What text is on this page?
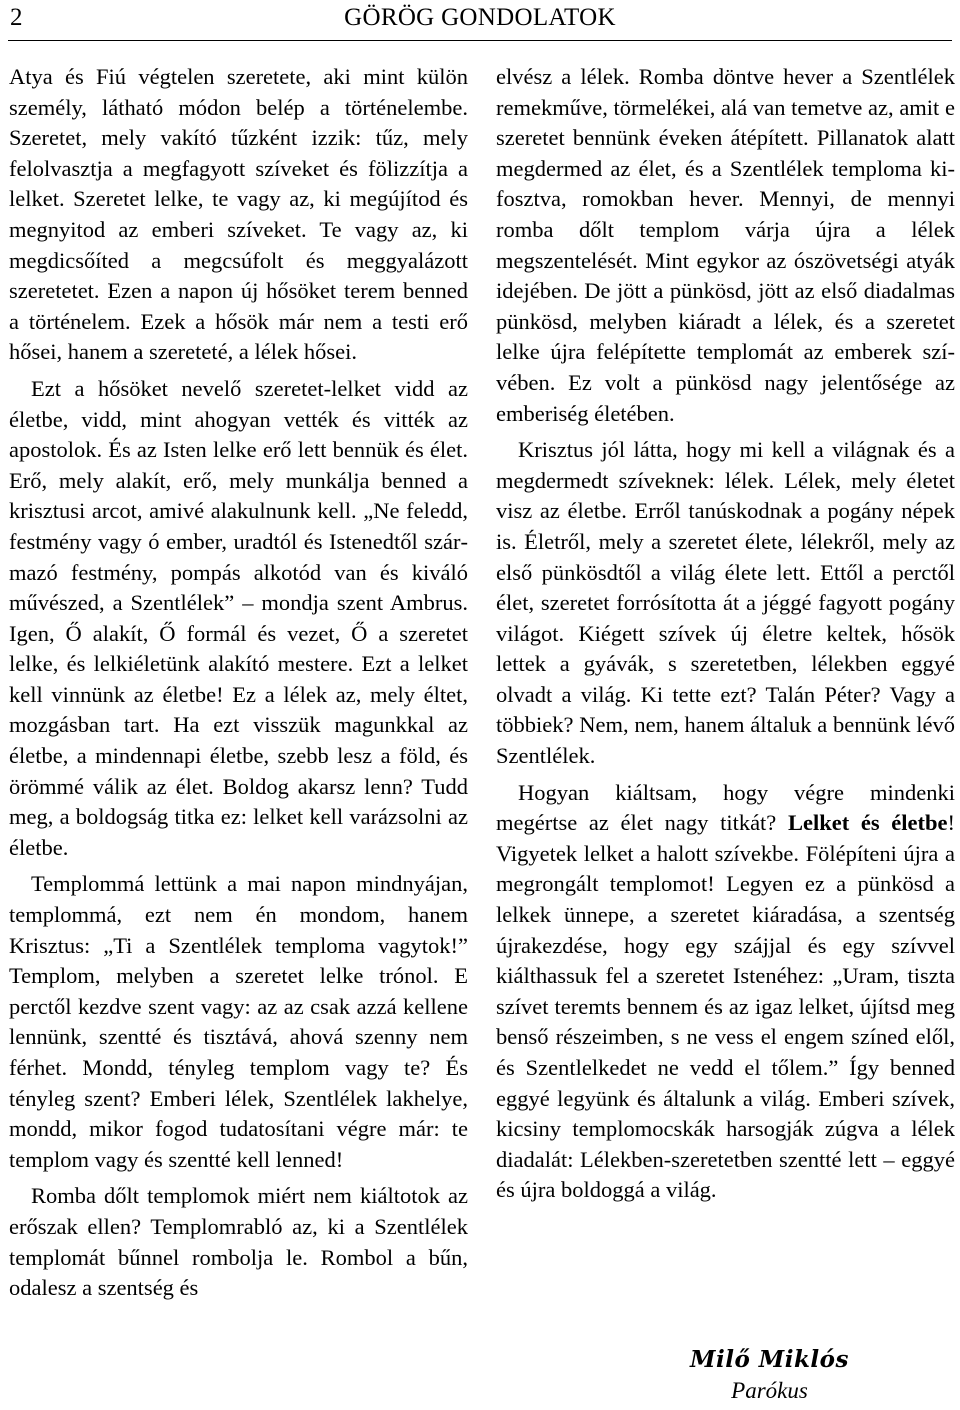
2	GÖRÖG GONDOLATOK

Atya és Fiú végtelen szeretete, aki mint külön személy, látható módon belép a történelembe. Szeretet, mely vakító tűzként izzik: tűz, mely felolvasztja a megfagyott szíveket és fölizzítja a lelket. Szeretet lelke, te vagy az, ki megújítod és megnyitod az emberi szíveket. Te vagy az, ki megdicsőíted a megcsúfolt és meggyalázott szeretetet. Ezen a napon új hősöket terem benned a történelem. Ezek a hősök már nem a testi erő hősei, hanem a szereteté, a lélek hősei.

Ezt a hősöket nevelő szeretet-lelket vidd az életbe, vidd, mint ahogyan vették és vitték az apostolok. És az Isten lelke erő lett bennük és élet. Erő, mely alakít, erő, mely munkálja benned a krisztusi arcot, amivé alakulnunk kell. „Ne feledd, festmény vagy ó ember, uradtól és Istenedtől származó festmény, pompás alkotód van és kiváló művészed, a Szentlélek” – mondja szent Ambrus. Igen, Ő alakít, Ő formál és vezet, Ő a szeretet lelke, és lelkiéletünk alakító mestere. Ezt a lelket kell vinnünk az életbe! Ez a lélek az, mely éltet, mozgásban tart. Ha ezt visszük magunkkal az életbe, a mindennapi életbe, szebb lesz a föld, és örömmé válik az élet. Boldog akarsz lenn? Tudd meg, a boldogság titka ez: lelket kell varázsolni az életbe.

Templommá lettünk a mai napon mindnyájan, templommá, ezt nem én mondom, hanem Krisztus: „Ti a Szentlélek temploma vagytok!” Templom, melyben a szeretet lelke trónol. E perctől kezdve szent vagy: az az csak azzá kellene lennünk, szentté és tisztává, ahová szenny nem férhet. Mondd, tényleg templom vagy te? És tényleg szent? Emberi lélek, Szentlélek lakhelye, mondd, mikor fogod tudatosítani végre már: te templom vagy és szentté kell lenned!

Romba dőlt templomok miért nem kiáltotok az erőszak ellen? Templomrabló az, ki a Szentlélek templomát bűnnel rombolja le. Rombol a bűn, odalesz a szentség és

elvész a lélek. Romba döntve hever a Szentlélek remekműve, törmelékei, alá van temetve az, amit e szeretet bennünk éveken átépített. Pillanatok alatt megdermed az élet, és a Szentlélek temploma kifosztva, romokban hever. Mennyi, de mennyi romba dőlt templom várja újra a lélek megszentelését. Mint egykor az ószövetségi atyák idejében. De jött a pünkösd, jött az első diadalmas pünkösd, melyben kiáradt a lélek, és a szeretet lelke újra felépítette templomát az emberek szívében. Ez volt a pünkösd nagy jelentősége az emberiség életében.

Krisztus jól látta, hogy mi kell a világnak és a megdermedt szíveknek: lélek. Lélek, mely életet visz az életbe. Erről tanúskodnak a pogány népek is. Életről, mely a szeretet élete, lélekről, mely az első pünkösdtől a világ élete lett. Ettől a perctől élet, szeretet forrósította át a jéggé fagyott pogány világot. Kiégett szívek új életre keltek, hősök lettek a gyávák, s szeretetben, lélekben eggyé olvadt a világ. Ki tette ezt? Talán Péter? Vagy a többiek? Nem, nem, hanem általuk a bennünk lévő Szentlélek.

Hogyan kiáltsam, hogy végre mindenki megértse az élet nagy titkát? Lelket és életbe! Vigyetek lelket a halott szívekbe. Fölépíteni újra a megrongált templomot! Legyen ez a pünkösd a lelkek ünnepe, a szeretet kiáradása, a szentség újrakezdése, hogy egy szájjal és egy szívvel kiálthassuk fel a szeretet Istenéhez: „Uram, tiszta szívet teremts bennem és az igaz lelket, újítsd meg benső részeimben, s ne vess el engem színed elől, és Szentlelkedet ne vedd el tőlem.” Így benned eggyé legyünk és általunk a világ. Emberi szívek, kicsiny templomocskák harsogják zúgva a lélek diadalát: Lélekben-szeretetben szentté lett – eggyé és újra boldoggá a világ.

Milő Miklós
Parókus
